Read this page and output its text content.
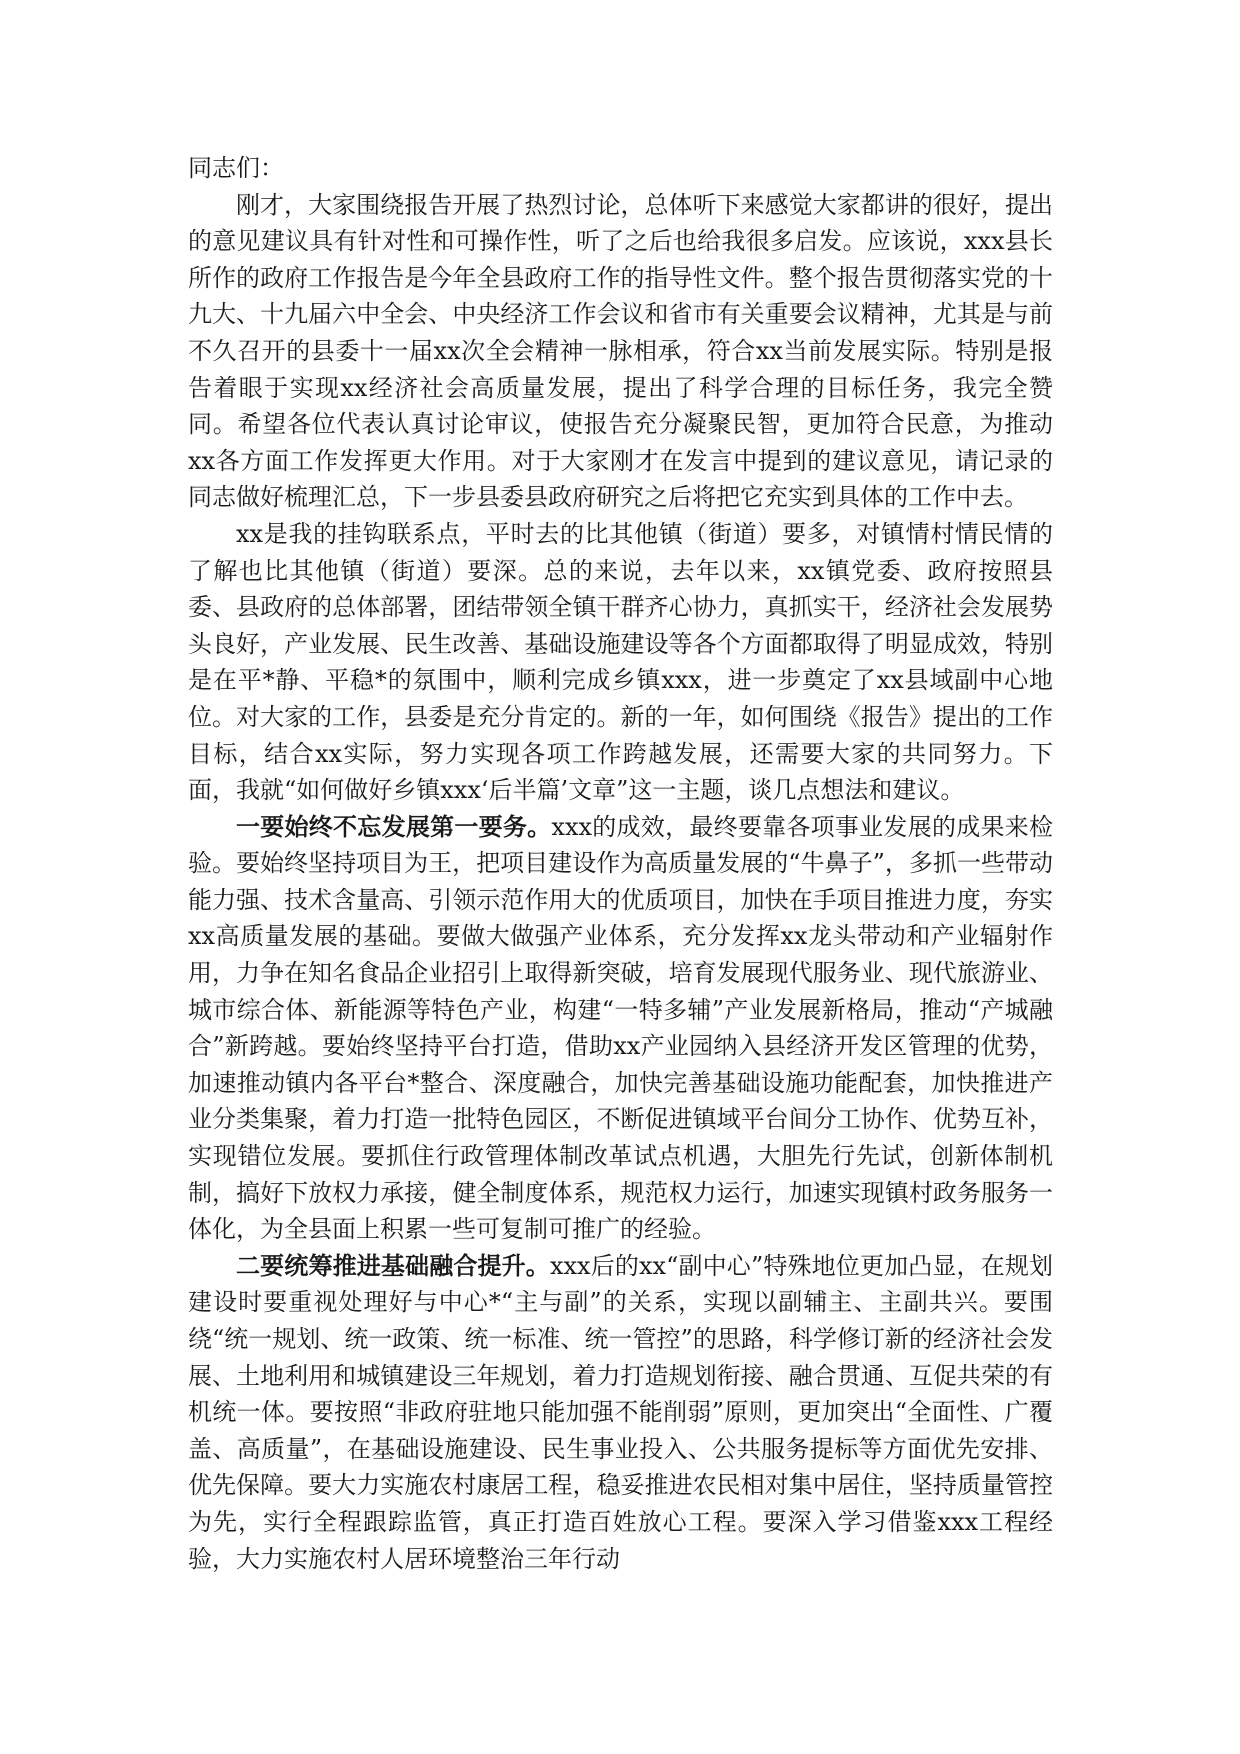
同志们：

刚才，大家围绕报告开展了热烈讨论，总体听下来感觉大家都讲的很好，提出的意见建议具有针对性和可操作性，听了之后也给我很多启发。应该说，xxx县长所作的政府工作报告是今年全县政府工作的指导性文件。整个报告贯彻落实党的十九大、十九届六中全会、中央经济工作会议和省市有关重要会议精神，尤其是与前不久召开的县委十一届xx次全会精神一脉相承，符合xx当前发展实际。特别是报告着眼于实现xx经济社会高质量发展，提出了科学合理的目标任务，我完全赞同。希望各位代表认真讨论审议，使报告充分凝聚民智，更加符合民意，为推动xx各方面工作发挥更大作用。对于大家刚才在发言中提到的建议意见，请记录的同志做好梳理汇总，下一步县委县政府研究之后将把它充实到具体的工作中去。

xx是我的挂钩联系点，平时去的比其他镇（街道）要多，对镇情村情民情的了解也比其他镇（街道）要深。总的来说，去年以来，xx镇党委、政府按照县委、县政府的总体部署，团结带领全镇干群齐心协力，真抓实干，经济社会发展势头良好，产业发展、民生改善、基础设施建设等各个方面都取得了明显成效，特别是在平*静、平稳*的氛围中，顺利完成乡镇xxx，进一步奠定了xx县域副中心地位。对大家的工作，县委是充分肯定的。新的一年，如何围绕《报告》提出的工作目标，结合xx实际，努力实现各项工作跨越发展，还需要大家的共同努力。下面，我就“如何做好乡镇xxx‘后半篇’文章”这一主题，谈几点想法和建议。

一要始终不忘发展第一要务。xxx的成效，最终要靠各项事业发展的成果来检验。要始终坚持项目为王，把项目建设作为高质量发展的“牛鼻子”，多抓一些带动能力强、技术含量高、引领示范作用大的优质项目，加快在手项目推进力度，夯实xx高质量发展的基础。要做大做强产业体系，充分发挥xx龙头带动和产业辐射作用，力争在知名食品企业招引上取得新突破，培育发展现代服务业、现代旅游业、城市综合体、新能源等特色产业，构建“一特多辅”产业发展新格局，推动“产城融合”新跨越。要始终坚持平台打造，借助xx产业园纳入县经济开发区管理的优势，加速推动镇内各平台*整合、深度融合，加快完善基础设施功能配套，加快推进产业分类集聚，着力打造一批特色园区，不断促进镇域平台间分工协作、优势互补，实现错位发展。要抓住行政管理体制改革试点机遇，大胆先行先试，创新体制机制，搞好下放权力承接，健全制度体系，规范权力运行，加速实现镇村政务服务一体化，为全县面上积累一些可复制可推广的经验。

二要统筹推进基础融合提升。xxx后的xx“副中心”特殊地位更加凸显，在规划建设时要重视处理好与中心*“主与副”的关系，实现以副辅主、主副共兴。要围绕“统一规划、统一政策、统一标准、统一管控”的思路，科学修订新的经济社会发展、土地利用和城镇建设三年规划，着力打造规划衔接、融合贯通、互促共荣的有机统一体。要按照“非政府驻地只能加强不能削弱”原则，更加突出“全面性、广覆盖、高质量”，在基础设施建设、民生事业投入、公共服务提标等方面优先安排、优先保障。要大力实施农村康居工程，稳妥推进农民相对集中居住，坚持质量管控为先，实行全程跟踪监管，真正打造百姓放心工程。要深入学习借鉴xxx工程经验，大力实施农村人居环境整治三年行动
